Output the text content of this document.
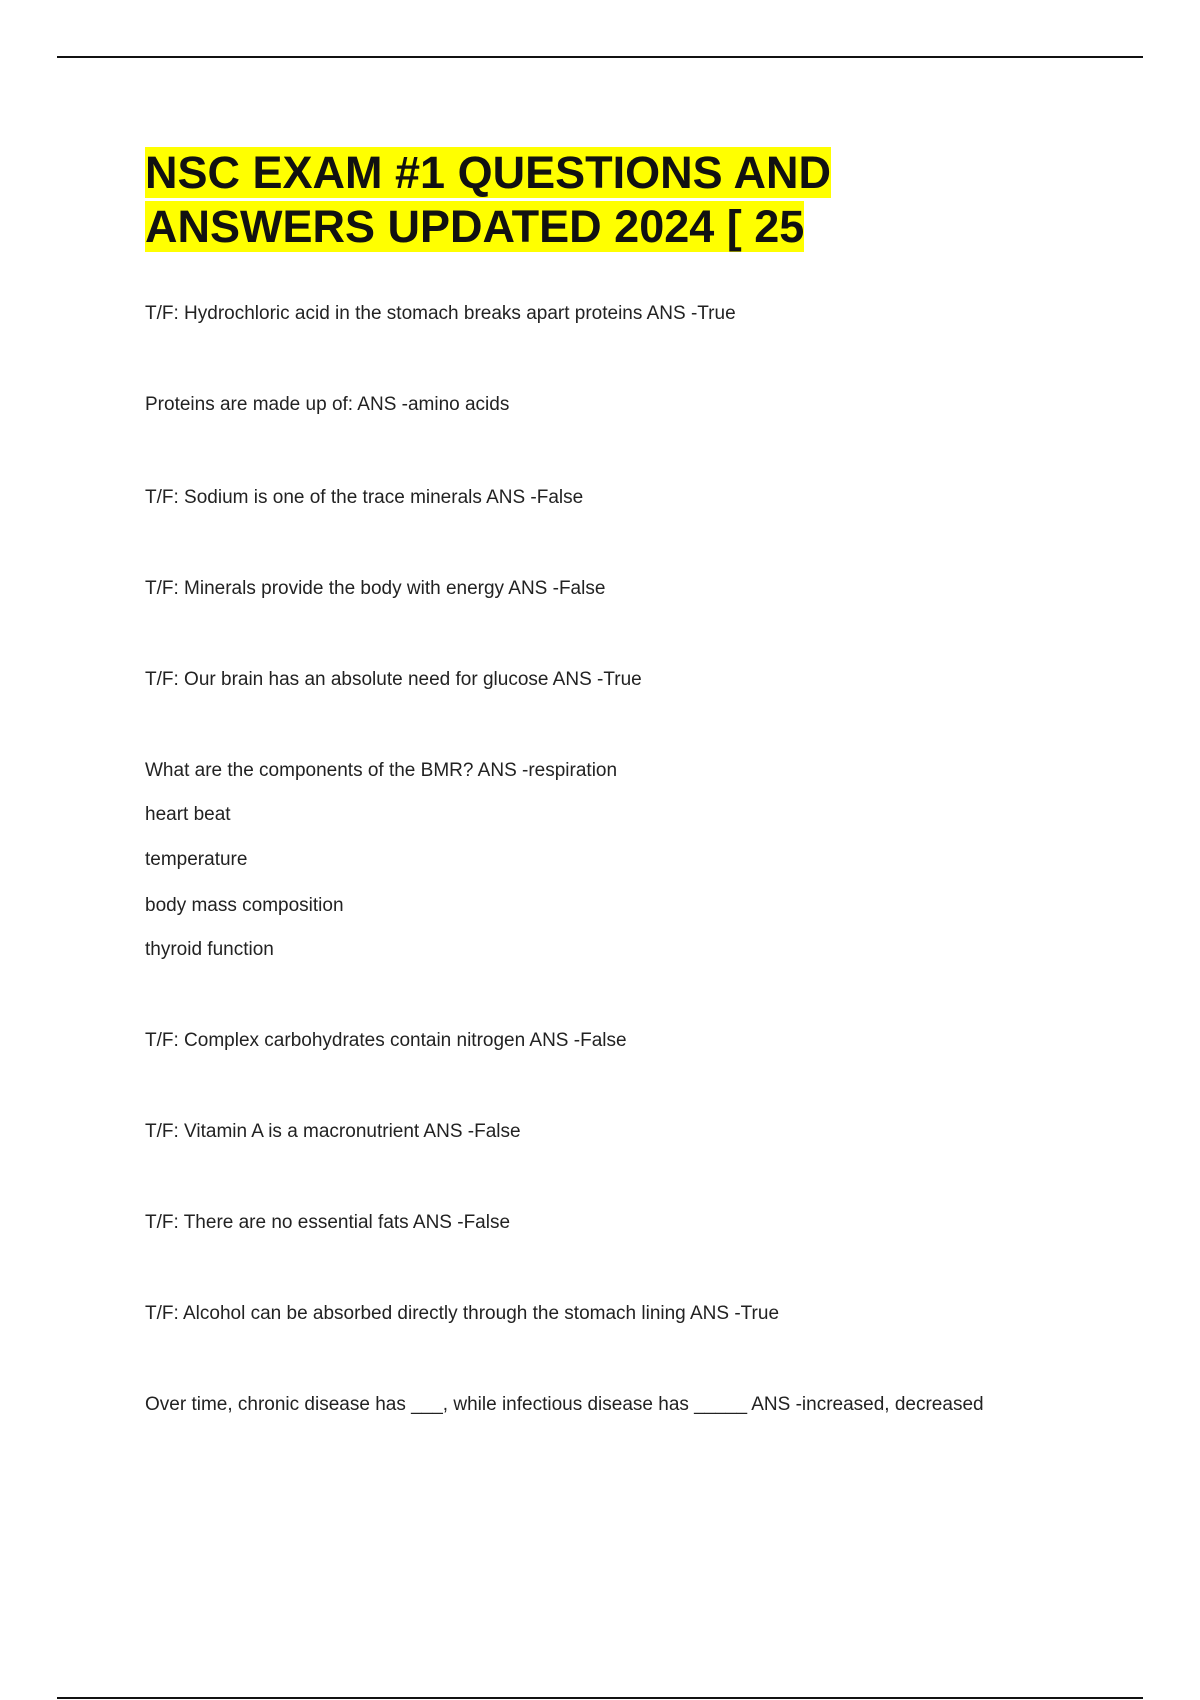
NSC EXAM #1 QUESTIONS AND
ANSWERS UPDATED 2024 [ 25

T/F: Hydrochloric acid in the stomach breaks apart proteins ANS -True

Proteins are made up of: ANS -amino acids

T/F: Sodium is one of the trace minerals ANS -False

T/F: Minerals provide the body with energy ANS -False

T/F: Our brain has an absolute need for glucose ANS -True

What are the components of the BMR? ANS -respiration

heart beat

temperature

body mass composition

thyroid function

T/F: Complex carbohydrates contain nitrogen ANS -False

T/F: Vitamin A is a macronutrient ANS -False

T/F: There are no essential fats ANS -False

T/F: Alcohol can be absorbed directly through the stomach lining ANS -True

Over time, chronic disease has ___, while infectious disease has _____ ANS -increased, decreased
